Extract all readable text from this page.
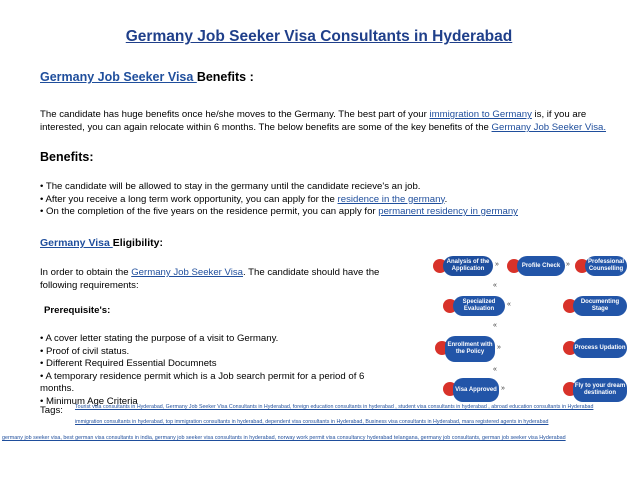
Germany Job Seeker Visa Consultants in Hyderabad
Germany Job Seeker Visa Benefits :
The candidate has huge benefits once he/she moves to the Germany. The best part of your immigration to Germany is, if you are
interested, you can again relocate within 6 months. The below benefits are some of the key benefits of the Germany Job Seeker Visa.
Benefits:
• The candidate will be allowed to stay in the germany until the candidate recieve's an job.
• After you receive a long term work opportunity, you can apply for the residence in the germany.
• On the completion of the five years on the residence permit, you can apply for permanent residency in germany
Germany Visa Eligibility:
In order to obtain the Germany Job Seeker Visa. The candidate should have the
following requirements:
Prerequisite's:
• A cover letter stating the purpose of a visit to Germany.
• Proof of civil status.
• Different Required Essential Documnets
• A temporary residence permit which is a Job search permit for a period of 6
months.
• Minimum Age Criteria
Analysis of the Application
»	Profile Check »	Professional Counselling
«
Specialized Evaluation
«	Documenting Stage
«
Enrollment with the Policy
»	Process Updation
«
Visa Approved »	Fly to your dream destination
Tags: Tourist visa consultants in Hyderabad, Germany Job Seeker Visa Consultants in Hyderabad, foreign education consultants in hyderabad , student visa consultants in hyderabad , abroad education consultants in Hyderabad
immigration consultants in hyderabad, top immigration consultants in hyderabad, dependent visa consultants in Hyderabad, Business visa consultants in Hyderabad, mara registered agents in hyderabad
germany job seeker visa, best german visa consultants in india, germany job seeker visa consultants in hyderabad, norway work permit visa consultancy hyderabad telangana, germany job consultants, german job seeker visa Hyderabad
